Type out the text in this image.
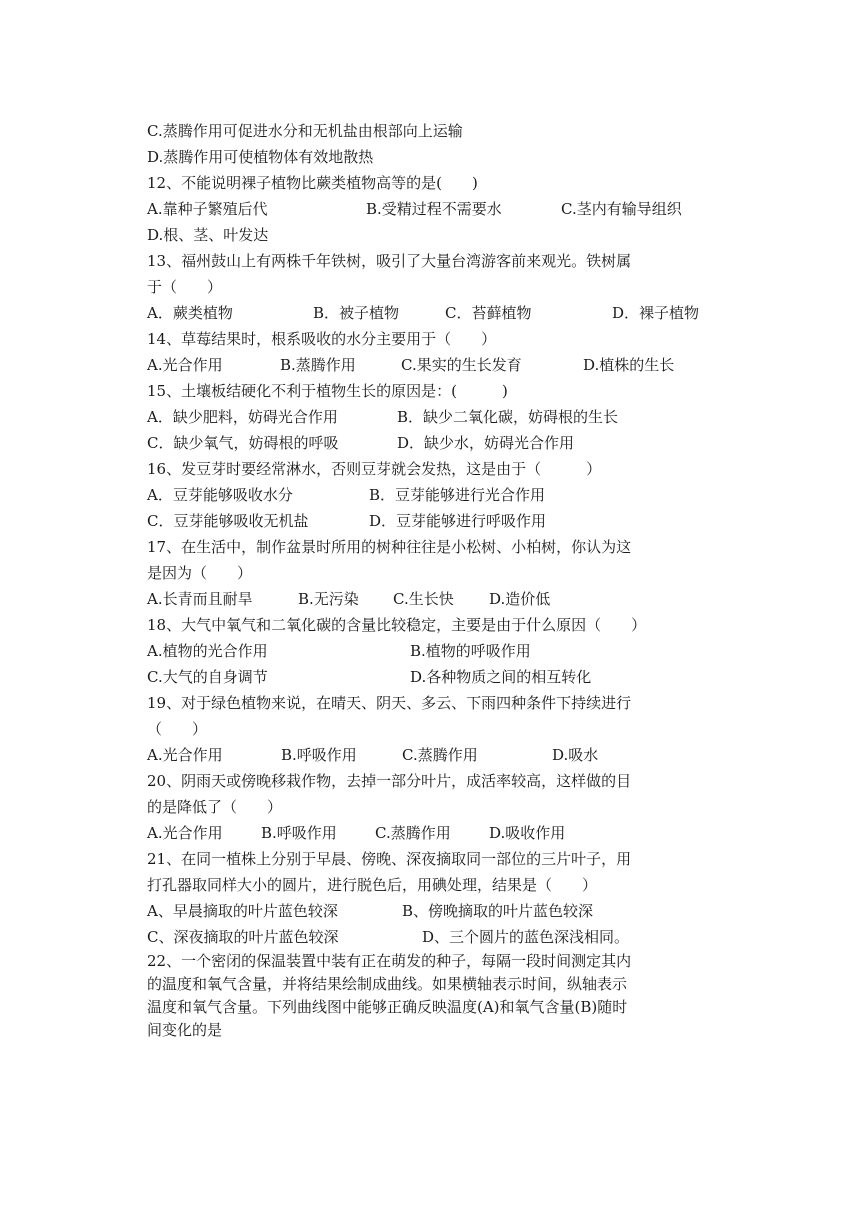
C.蒸腾作用可促进水分和无机盐由根部向上运输
D.蒸腾作用可使植物体有效地散热
12、不能说明裸子植物比蕨类植物高等的是(　　)
A.靠种子繁殖后代	B.受精过程不需要水	C.茎内有输导组织
D.根、茎、叶发达
13、福州鼓山上有两株千年铁树，吸引了大量台湾游客前来观光。铁树属
于（　　）
A．蕨类植物	B．被子植物	C．苔藓植物	D．裸子植物
14、草莓结果时，根系吸收的水分主要用于（　　）
A.光合作用	B.蒸腾作用	C.果实的生长发育	D.植株的生长
15、土壤板结硬化不利于植物生长的原因是：(　　　)
A．缺少肥料，妨碍光合作用	B．缺少二氧化碳，妨碍根的生长
C．缺少氧气，妨碍根的呼吸	D．缺少水，妨碍光合作用
16、发豆芽时要经常淋水，否则豆芽就会发热，这是由于（　　　）
A．豆芽能够吸收水分	B．豆芽能够进行光合作用
C．豆芽能够吸收无机盐	D．豆芽能够进行呼吸作用
17、在生活中，制作盆景时所用的树种往往是小松树、小柏树，你认为这
是因为（　　）
A.长青而且耐旱	B.无污染 C.生长快 D.造价低
18、大气中氧气和二氧化碳的含量比较稳定，主要是由于什么原因（　　）
A.植物的光合作用	B.植物的呼吸作用
C.大气的自身调节	D.各种物质之间的相互转化
19、对于绿色植物来说，在晴天、阴天、多云、下雨四种条件下持续进行
（　　）
A.光合作用	B.呼吸作用	C.蒸腾作用	D.吸水
20、阴雨天或傍晚移栽作物，去掉一部分叶片，成活率较高，这样做的目
的是降低了（　　）
A.光合作用	B.呼吸作用	C.蒸腾作用	D.吸收作用
21、在同一植株上分别于早晨、傍晚、深夜摘取同一部位的三片叶子，用
打孔器取同样大小的圆片，进行脱色后，用碘处理，结果是（　　）
A、早晨摘取的叶片蓝色较深	B、傍晚摘取的叶片蓝色较深
C、深夜摘取的叶片蓝色较深	D、三个圆片的蓝色深浅相同。
22、一个密闭的保温装置中装有正在萌发的种子，每隔一段时间测定其内
的温度和氧气含量，并将结果绘制成曲线。如果横轴表示时间，纵轴表示
温度和氧气含量。下列曲线图中能够正确反映温度(A)和氧气含量(B)随时
间变化的是
